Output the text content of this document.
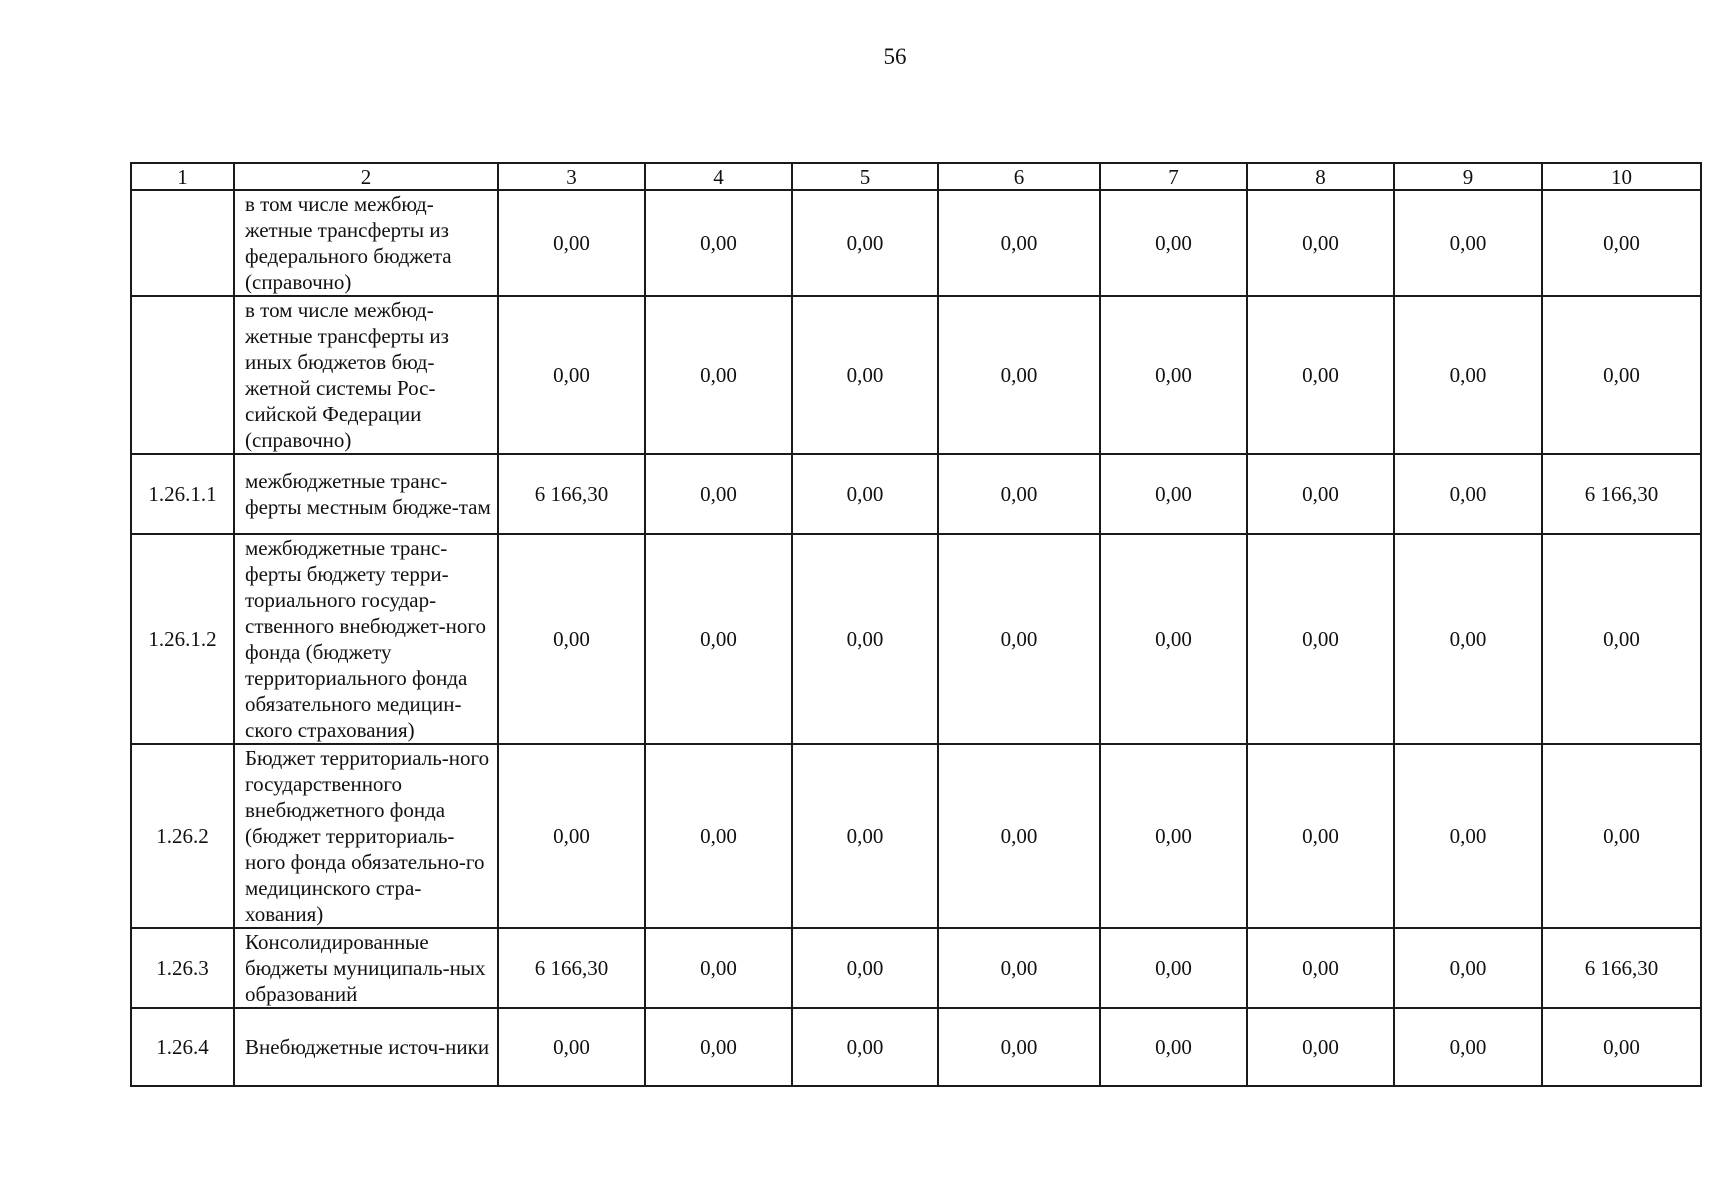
56
1	2	3	4	5	6	7	8	9	10
	в том числе межбюд-жетные трансферты из федерального бюджета (справочно)	0,00	0,00	0,00	0,00	0,00	0,00	0,00	0,00
	в том числе межбюд-жетные трансферты из иных бюджетов бюд-жетной системы Рос-сийской Федерации (справочно)	0,00	0,00	0,00	0,00	0,00	0,00	0,00	0,00
1.26.1.1	межбюджетные транс-ферты местным бюдже-там	6 166,30	0,00	0,00	0,00	0,00	0,00	0,00	6 166,30
1.26.1.2	межбюджетные транс-ферты бюджету терри-ториального государ-ственного внебюджет-ного фонда (бюджету территориального фонда обязательного медицин-ского страхования)	0,00	0,00	0,00	0,00	0,00	0,00	0,00	0,00
1.26.2	Бюджет территориаль-ного государственного внебюджетного фонда (бюджет территориаль-ного фонда обязательно-го медицинского стра-хования)	0,00	0,00	0,00	0,00	0,00	0,00	0,00	0,00
1.26.3	Консолидированные бюджеты муниципаль-ных образований	6 166,30	0,00	0,00	0,00	0,00	0,00	0,00	6 166,30
1.26.4	Внебюджетные источ-ники	0,00	0,00	0,00	0,00	0,00	0,00	0,00	0,00
